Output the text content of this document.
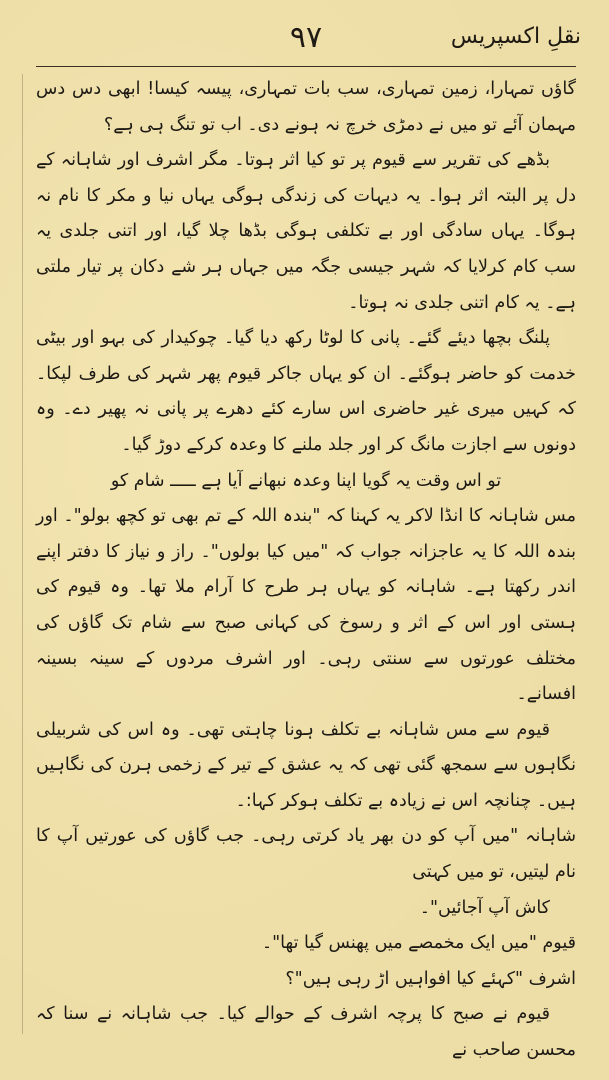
۹۷	نقلِ اکسپریس

گاؤں تمہارا، زمین تمہاری، سب بات تمہاری، پیسہ کیسا! ابھی دس دس مہمان آئے تو میں نے دمڑی خرچ نہ ہونے دی۔ اب تو تنگ ہی ہے؟

بڈھے کی تقریر سے قیوم پر تو کیا اثر ہوتا۔ مگر اشرف اور شاہانہ کے دل پر البتہ اثر ہوا۔ یہ دیہات کی زندگی ہوگی یہاں نیا و مکر کا نام نہ ہوگا۔ یہاں سادگی اور بے تکلفی ہوگی بڈھا چلا گیا، اور اتنی جلدی یہ سب کام کرلایا کہ شہر جیسی جگہ میں جہاں ہر شے دکان پر تیار ملتی ہے۔ یہ کام اتنی جلدی نہ ہوتا۔

پلنگ بچھا دیئے گئے۔ پانی کا لوٹا رکھ دیا گیا۔ چوکیدار کی بہو اور بیٹی خدمت کو حاضر ہوگئے۔ ان کو یہاں جاکر قیوم پھر شہر کی طرف لپکا۔ کہ کہیں میری غیر حاضری اس سارے کئے دھرے پر پانی نہ پھیر دے۔ وہ دونوں سے اجازت مانگ کر اور جلد ملنے کا وعدہ کرکے دوڑ گیا۔

تو اس وقت یہ گویا اپنا وعدہ نبھانے آیا ہے ـــــ شام کو

مس شاہانہ کا انڈا لاکر یہ کہنا کہ "بندہ اللہ کے تم بھی تو کچھ بولو"۔ اور بندہ اللہ کا یہ عاجزانہ جواب کہ "میں کیا بولوں"۔ راز و نیاز کا دفتر اپنے اندر رکھتا ہے۔ شاہانہ کو یہاں ہر طرح کا آرام ملا تھا۔ وہ قیوم کی ہستی اور اس کے اثر و رسوخ کی کہانی صبح سے شام تک گاؤں کی مختلف عورتوں سے سنتی رہی۔ اور اشرف مردوں کے سینہ بسینہ افسانے۔

قیوم سے مس شاہانہ بے تکلف ہونا چاہتی تھی۔ وہ اس کی شربیلی نگاہوں سے سمجھ گئی تھی کہ یہ عشق کے تیر کے زخمی ہرن کی نگاہیں ہیں۔ چنانچہ اس نے زیادہ بے تکلف ہوکر کہا:۔

شاہانہ "میں آپ کو دن بھر یاد کرتی رہی۔ جب گاؤں کی عورتیں آپ کا نام لیتیں، تو میں کہتی

کاش آپ آجائیں"۔

قیوم "میں ایک مخمصے میں پھنس گیا تھا"۔

اشرف "کہئے کیا افواہیں اڑ رہی ہیں"؟

قیوم نے صبح کا پرچہ اشرف کے حوالے کیا۔ جب شاہانہ نے سنا کہ محسن صاحب نے
